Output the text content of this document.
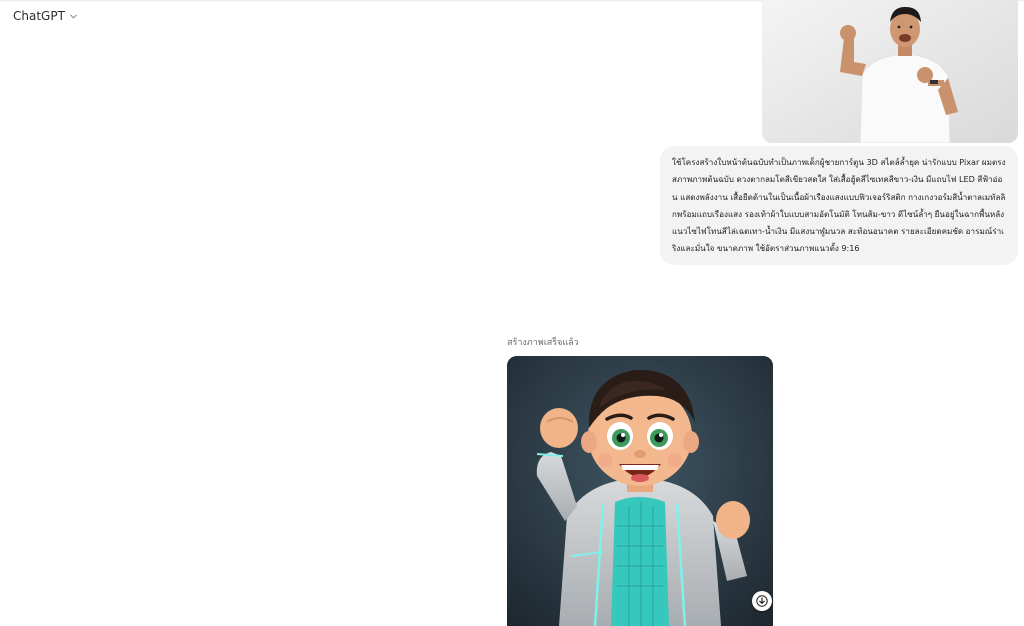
ChatGPT
ใช้โครงสร้างใบหน้าต้นฉบับทำเป็นภาพเด็กผู้ชายการ์ตูน 3D สไตล์ล้ำยุค น่ารักแบบ Pixar ผมตรงสภาพภาพต้นฉบับ ดวงตากลมโตสีเขียวสดใส ใส่เสื้อฮู้ดสีไซเทคสีขาว-เงิน มีแถบไฟ LED สีฟ้าอ่อน แสดงพลังงาน เสื้อยืดด้านในเป็นเนื้อผ้าเรืองแสงแบบฟิวเจอร์ริสติก กางเกงวอร์มสีน้ำตาลเมทัลลิกพร้อมแถบเรืองแสง รองเท้าผ้าใบแบบสามอัตโนมัติ โทนส้ม-ขาว ดีไซน์ล้ำๆ ยืนอยู่ในฉากพื้นหลังแนวไซไฟโทนสีไล่เฉดเทา-น้ำเงิน มีแสงนาฬูมนวล สะท้อนอนาคต รายละเอียดคมชัด อารมณ์ร่าเริงและมั่นใจ ขนาดภาพ ใช้อัตราส่วนภาพแนวตั้ง 9:16
สร้างภาพเสร็จแล้ว
